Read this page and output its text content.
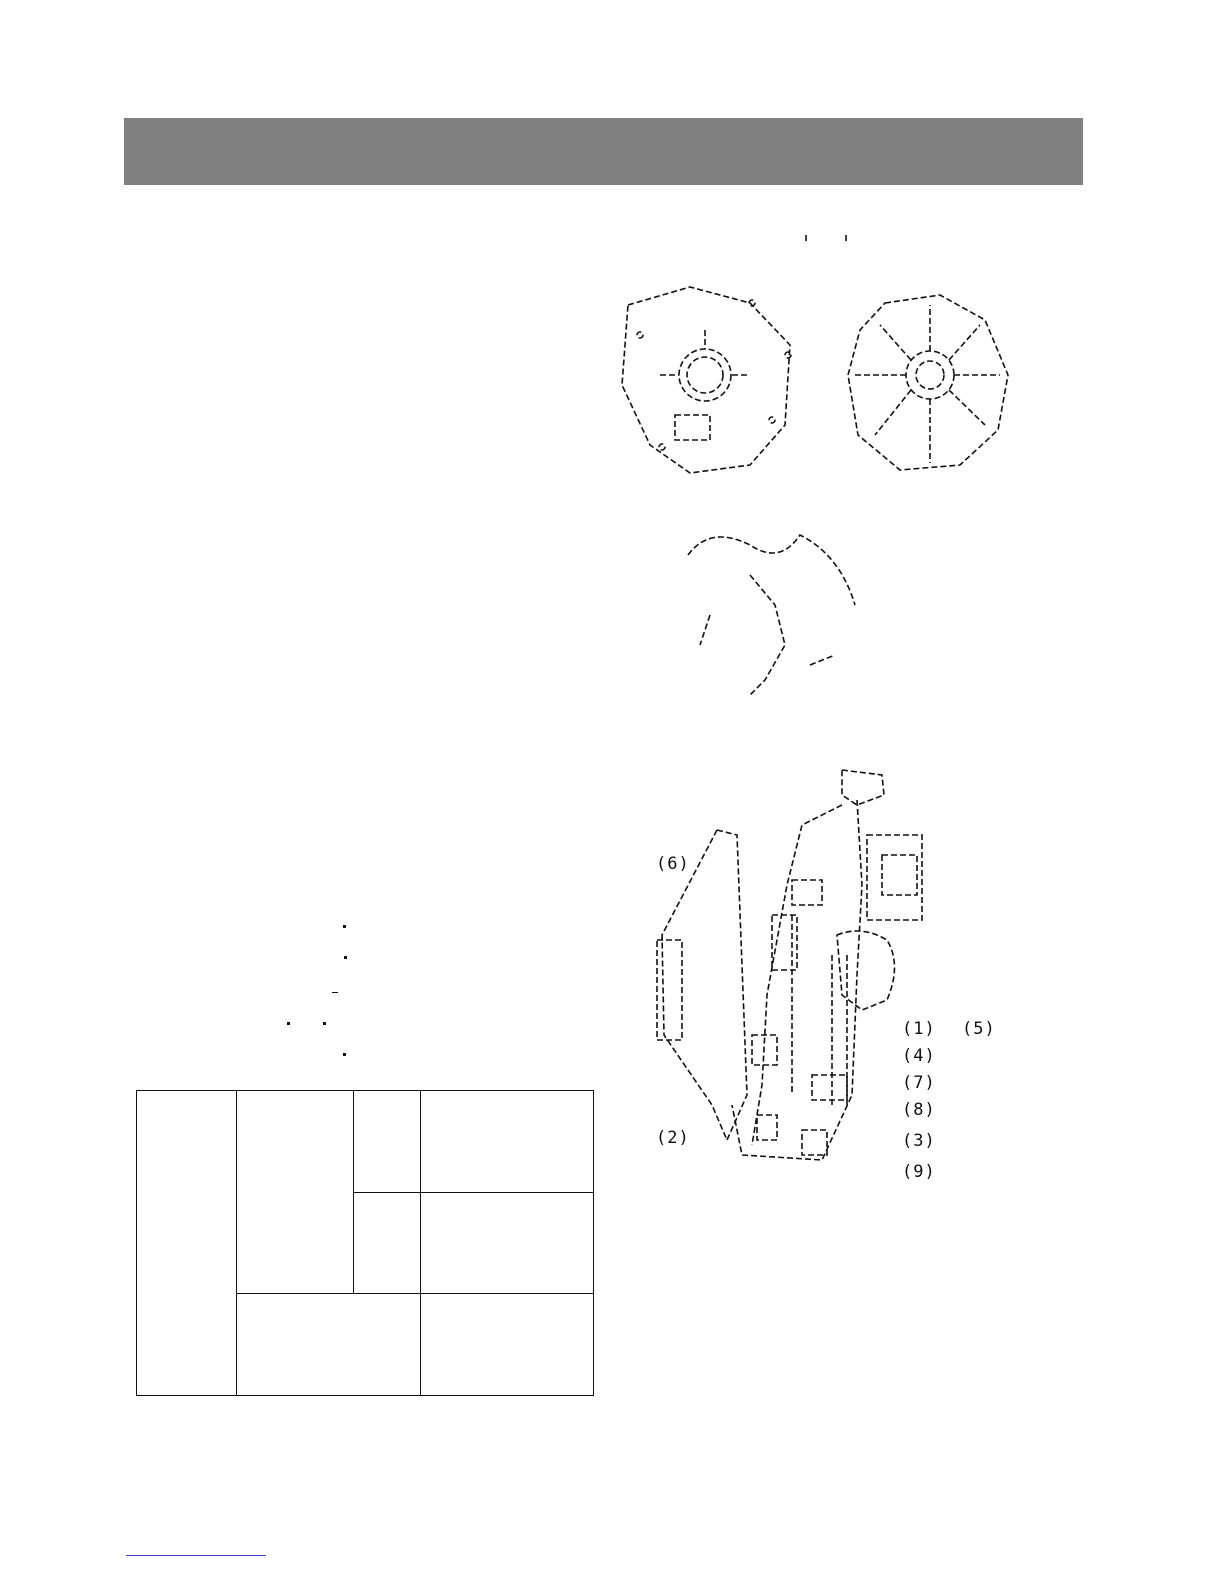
(6)
(2)
(1) (5)
(4)
(7)
(8)
(3)
(9)
